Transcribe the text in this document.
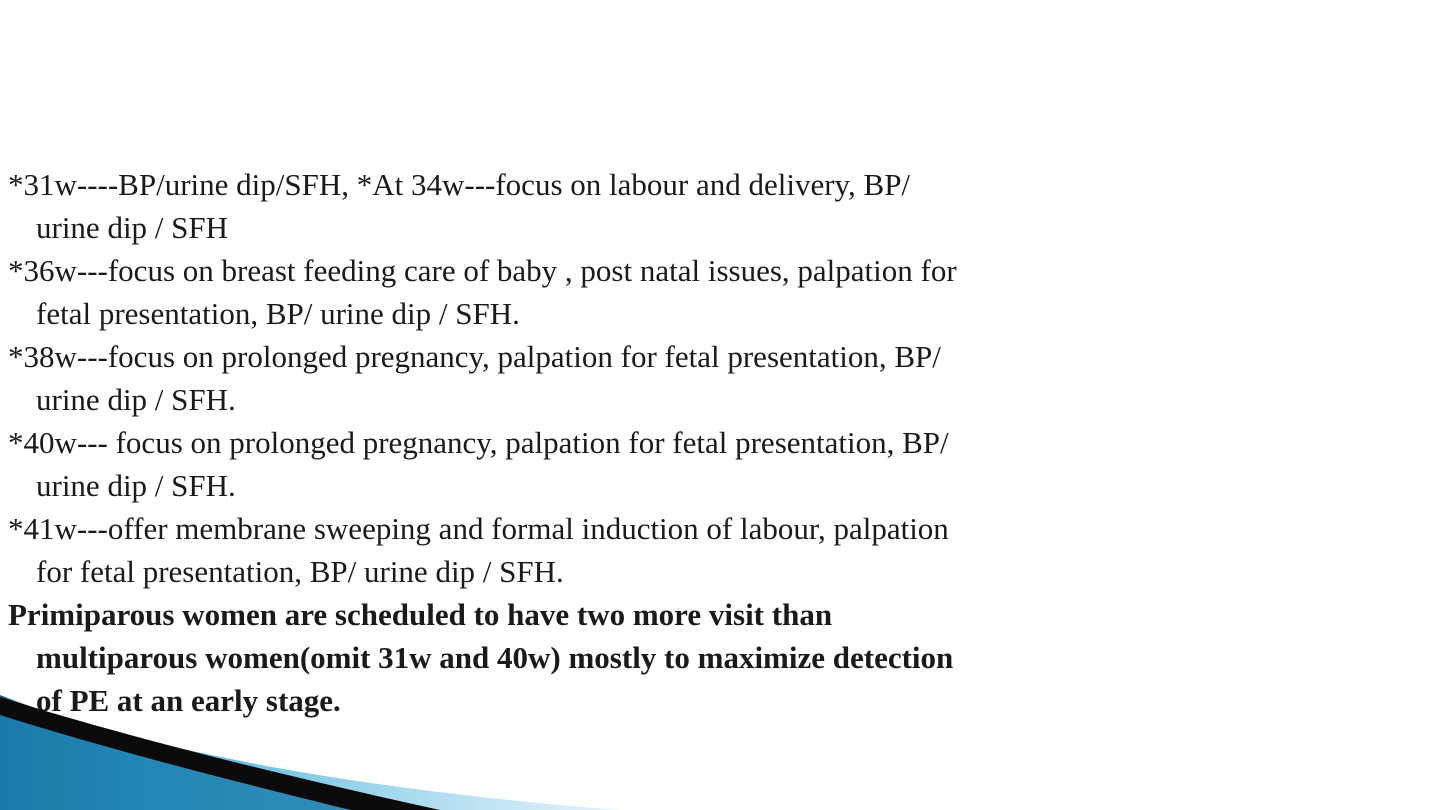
*31w----BP/urine dip/SFH, *At 34w---focus on labour and delivery, BP/ urine dip / SFH

*36w---focus on breast feeding care of baby , post natal issues, palpation for fetal presentation, BP/ urine dip / SFH.

*38w---focus on prolonged pregnancy, palpation for fetal presentation, BP/ urine dip / SFH.

*40w--- focus on prolonged pregnancy, palpation for fetal presentation, BP/ urine dip / SFH.

*41w---offer membrane sweeping and formal induction of labour, palpation for fetal presentation, BP/ urine dip / SFH.

Primiparous women are scheduled to have two more visit than multiparous women(omit 31w and 40w) mostly to maximize detection of PE at an early stage.
